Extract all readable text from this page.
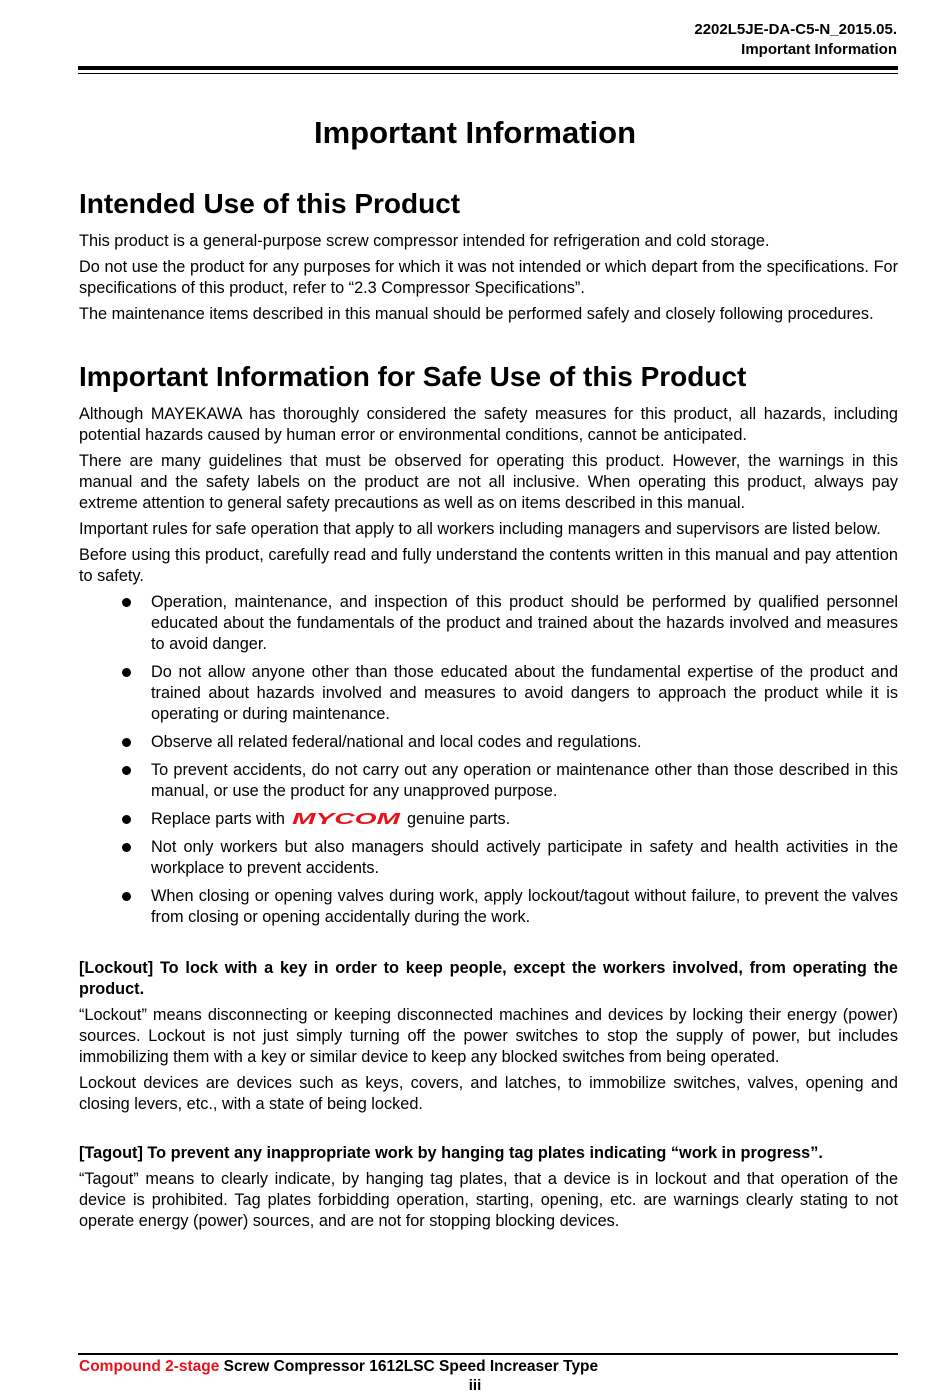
2202L5JE-DA-C5-N_2015.05.
Important Information
Important Information
Intended Use of this Product

This product is a general-purpose screw compressor intended for refrigeration and cold storage.

Do not use the product for any purposes for which it was not intended or which depart from the specifications. For specifications of this product, refer to “2.3 Compressor Specifications”.

The maintenance items described in this manual should be performed safely and closely following procedures.

Important Information for Safe Use of this Product

Although MAYEKAWA has thoroughly considered the safety measures for this product, all hazards, including potential hazards caused by human error or environmental conditions, cannot be anticipated.

There are many guidelines that must be observed for operating this product. However, the warnings in this manual and the safety labels on the product are not all inclusive. When operating this product, always pay extreme attention to general safety precautions as well as on items described in this manual.

Important rules for safe operation that apply to all workers including managers and supervisors are listed below.

Before using this product, carefully read and fully understand the contents written in this manual and pay attention to safety.

Operation, maintenance, and inspection of this product should be performed by qualified personnel educated about the fundamentals of the product and trained about the hazards involved and measures to avoid danger.
Do not allow anyone other than those educated about the fundamental expertise of the product and trained about hazards involved and measures to avoid dangers to approach the product while it is operating or during maintenance.
Observe all related federal/national and local codes and regulations.
To prevent accidents, do not carry out any operation or maintenance other than those described in this manual, or use the product for any unapproved purpose.
Replace parts with MYCOM genuine parts.
Not only workers but also managers should actively participate in safety and health activities in the workplace to prevent accidents.
When closing or opening valves during work, apply lockout/tagout without failure, to prevent the valves from closing or opening accidentally during the work.

[Lockout] To lock with a key in order to keep people, except the workers involved, from operating the product.

“Lockout” means disconnecting or keeping disconnected machines and devices by locking their energy (power) sources. Lockout is not just simply turning off the power switches to stop the supply of power, but includes immobilizing them with a key or similar device to keep any blocked switches from being operated.

Lockout devices are devices such as keys, covers, and latches, to immobilize switches, valves, opening and closing levers, etc., with a state of being locked.

[Tagout] To prevent any inappropriate work by hanging tag plates indicating “work in progress”.

“Tagout” means to clearly indicate, by hanging tag plates, that a device is in lockout and that operation of the device is prohibited. Tag plates forbidding operation, starting, opening, etc. are warnings clearly stating to not operate energy (power) sources, and are not for stopping blocking devices.

Compound 2-stage Screw Compressor 1612LSC Speed Increaser Type
iii
